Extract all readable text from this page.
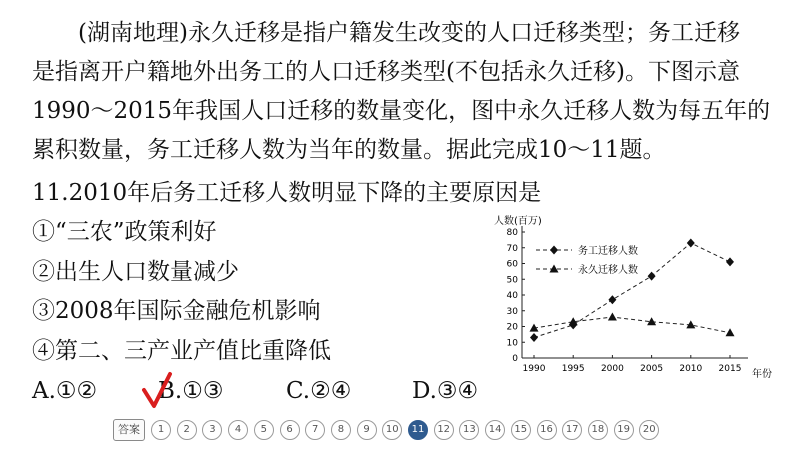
(湖南地理)永久迁移是指户籍发生改变的人口迁移类型；务工迁移
是指离开户籍地外出务工的人口迁移类型(不包括永久迁移)。下图示意
1990～2015年我国人口迁移的数量变化，图中永久迁移人数为每五年的
累积数量，务工迁移人数为当年的数量。据此完成10～11题。
11.2010年后务工迁移人数明显下降的主要原因是
①“三农”政策利好
②出生人口数量减少
③2008年国际金融危机影响
④第二、三产业产值比重降低
A.①②	B.①③	C.②④	D.③④
人数(百万)
年份
0
10
20
30
40
50
60
70
80
1990 1995 2000 2005 2010 2015
务工迁移人数
永久迁移人数
答案	1	2	3	4	5	6	7	8	9	10	11	12	13	14	15	16	17	18	19	20
